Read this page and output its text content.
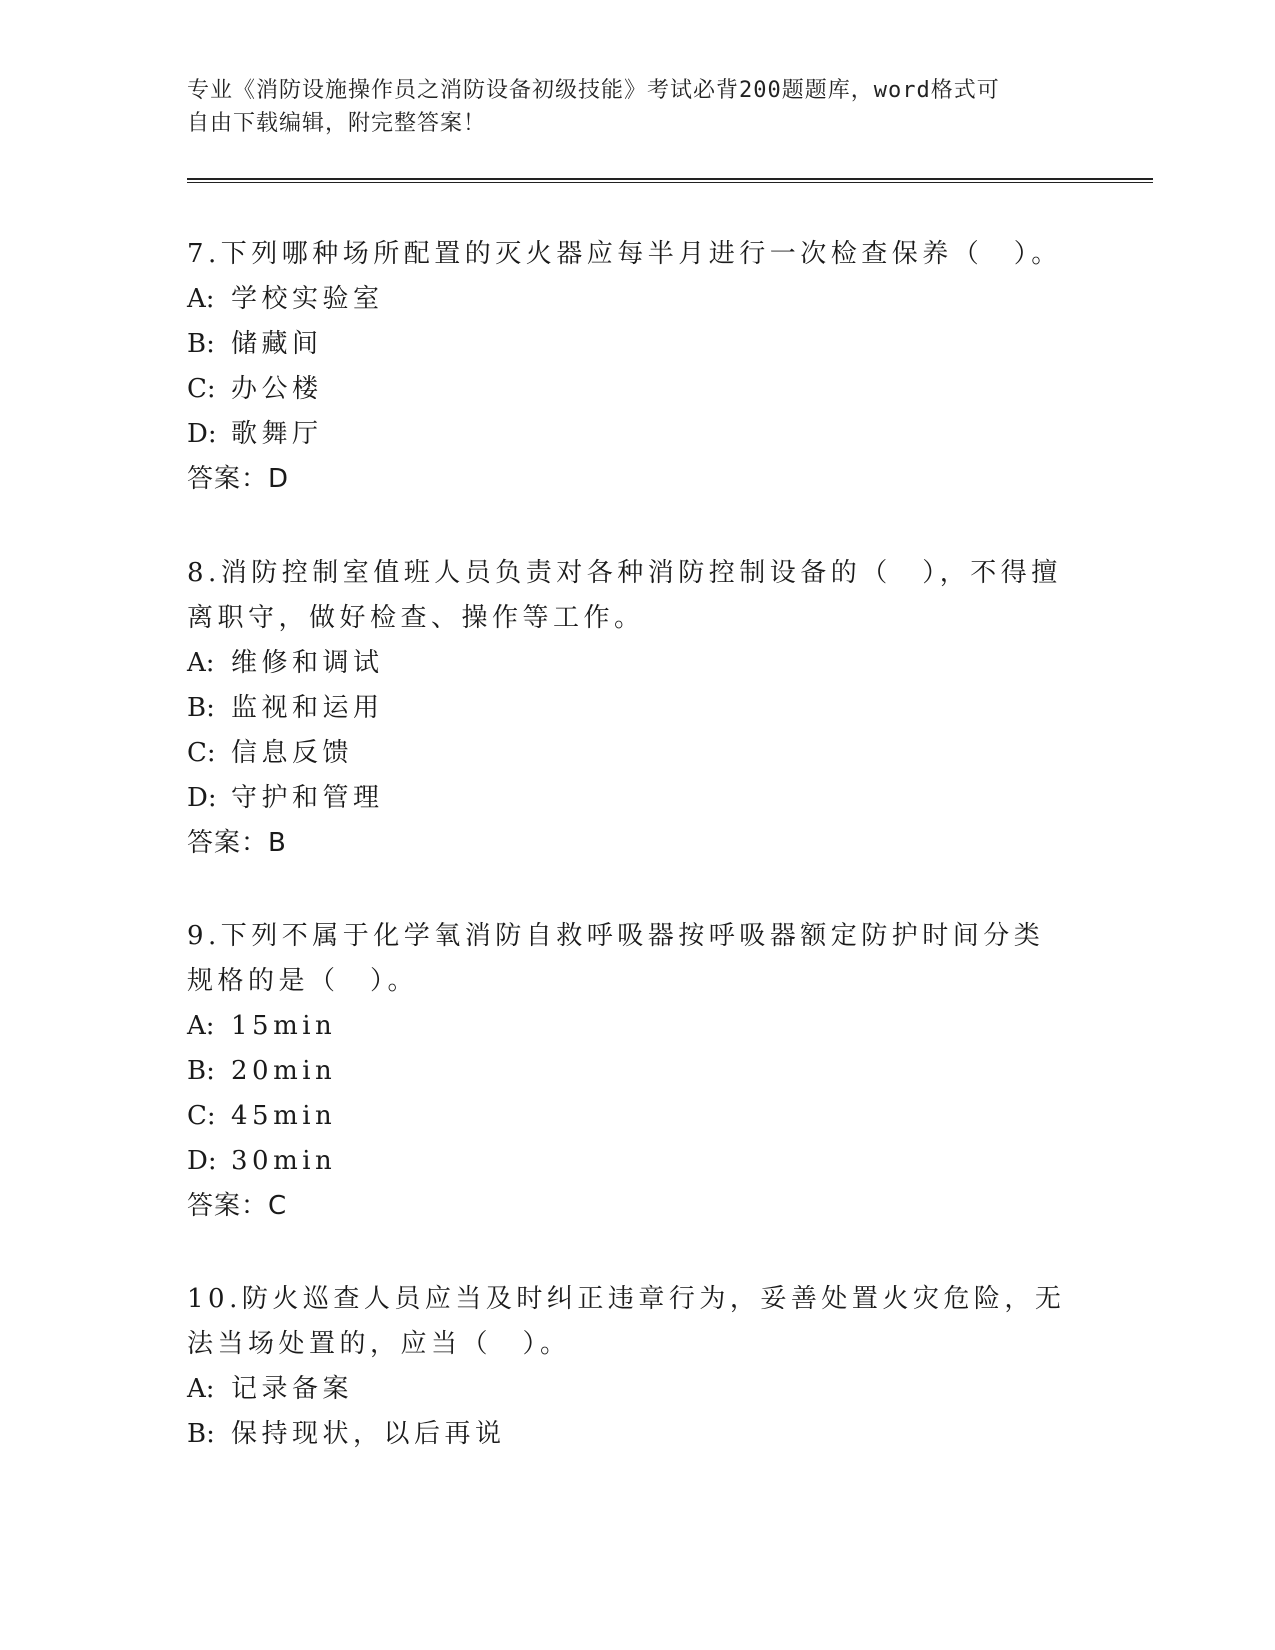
专业《消防设施操作员之消防设备初级技能》考试必背200题题库，word格式可
自由下载编辑，附完整答案！

7.下列哪种场所配置的灭火器应每半月进行一次检查保养（　）。

A: 学校实验室

B: 储藏间

C: 办公楼

D: 歌舞厅

答案：D

8.消防控制室值班人员负责对各种消防控制设备的（　），不得擅离职守，做好检查、操作等工作。

A: 维修和调试

B: 监视和运用

C: 信息反馈

D: 守护和管理

答案：B

9.下列不属于化学氧消防自救呼吸器按呼吸器额定防护时间分类规格的是（　）。

A: 15min

B: 20min

C: 45min

D: 30min

答案：C

10.防火巡查人员应当及时纠正违章行为，妥善处置火灾危险，无法当场处置的，应当（　）。

A: 记录备案

B: 保持现状，以后再说
